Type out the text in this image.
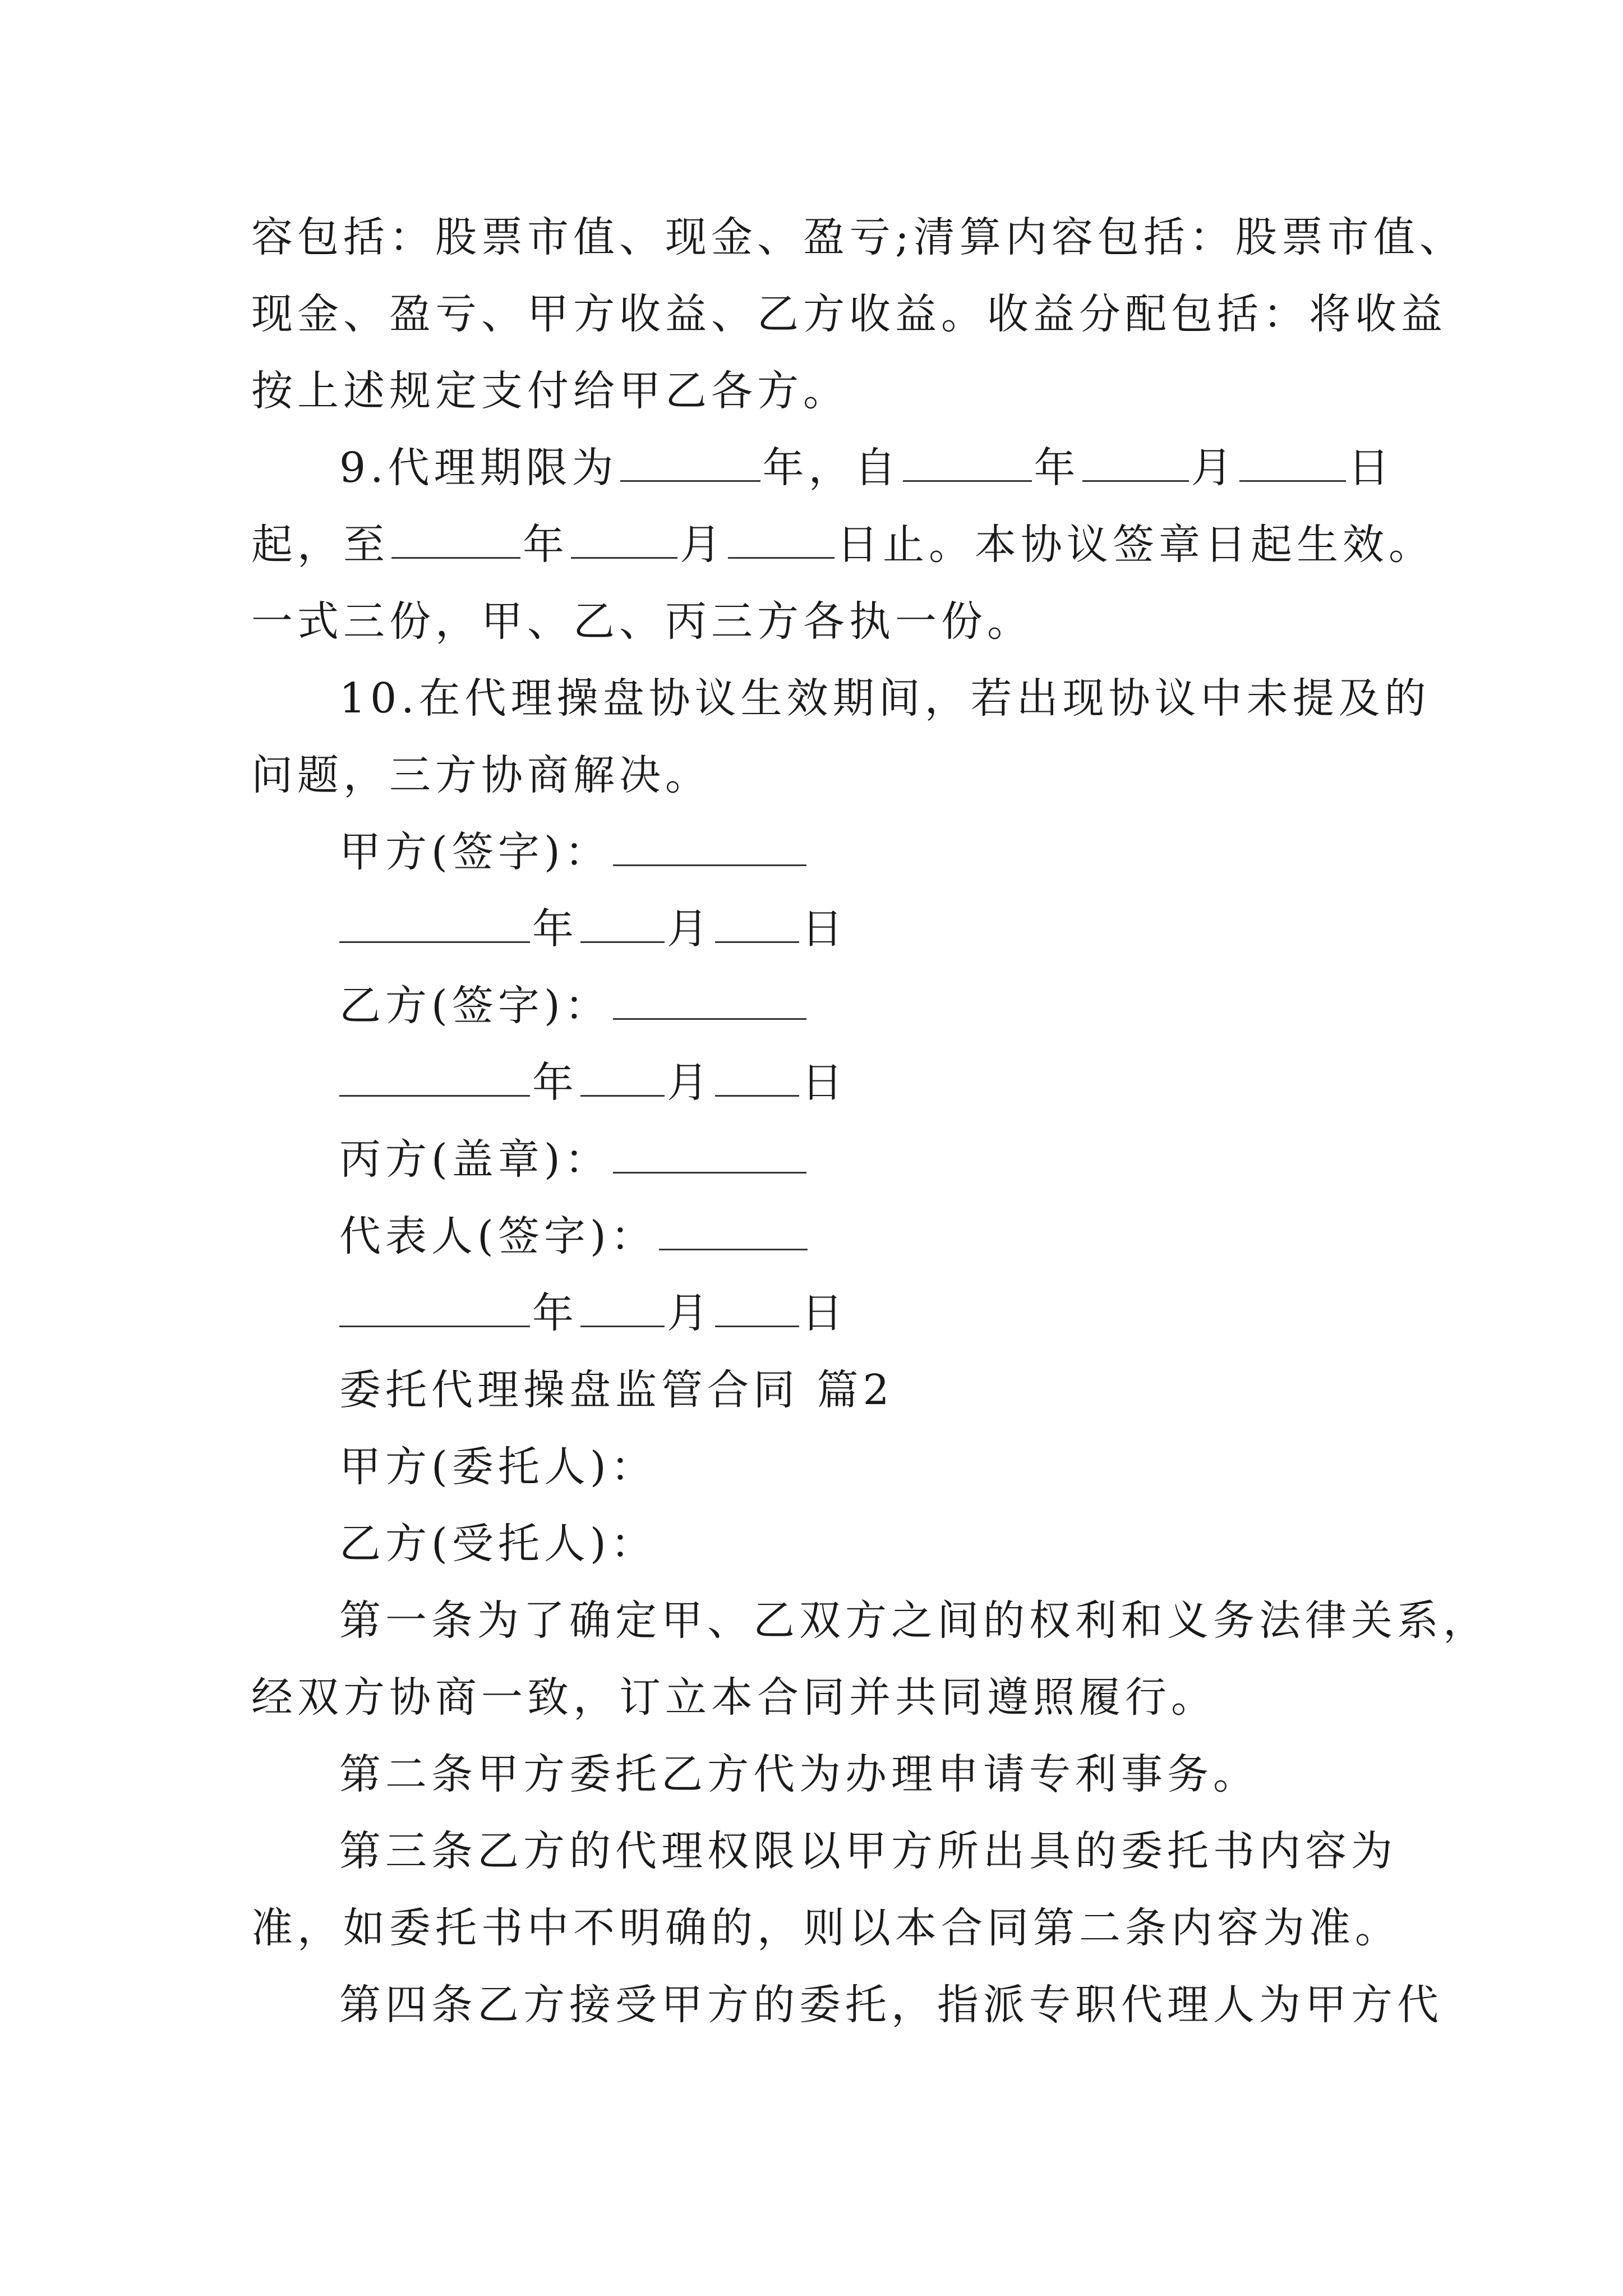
容包括：股票市值、现金、盈亏;清算内容包括：股票市值、
现金、盈亏、甲方收益、乙方收益。收益分配包括：将收益
按上述规定支付给甲乙各方。
9.代理期限为	年，自	年	月	日
起，至	年	月	日止。本协议签章日起生效。
一式三份，甲、乙、丙三方各执一份。
10.在代理操盘协议生效期间，若出现协议中未提及的
问题，三方协商解决。
甲方(签字)：
年 月 日
乙方(签字)：
年 月 日
丙方(盖章)：
代表人(签字)：
年 月 日
委托代理操盘监管合同 篇2
甲方(委托人)：
乙方(受托人)：
第一条为了确定甲、乙双方之间的权利和义务法律关系，
经双方协商一致，订立本合同并共同遵照履行。
第二条甲方委托乙方代为办理申请专利事务。
第三条乙方的代理权限以甲方所出具的委托书内容为
准，如委托书中不明确的，则以本合同第二条内容为准。
第四条乙方接受甲方的委托，指派专职代理人为甲方代
